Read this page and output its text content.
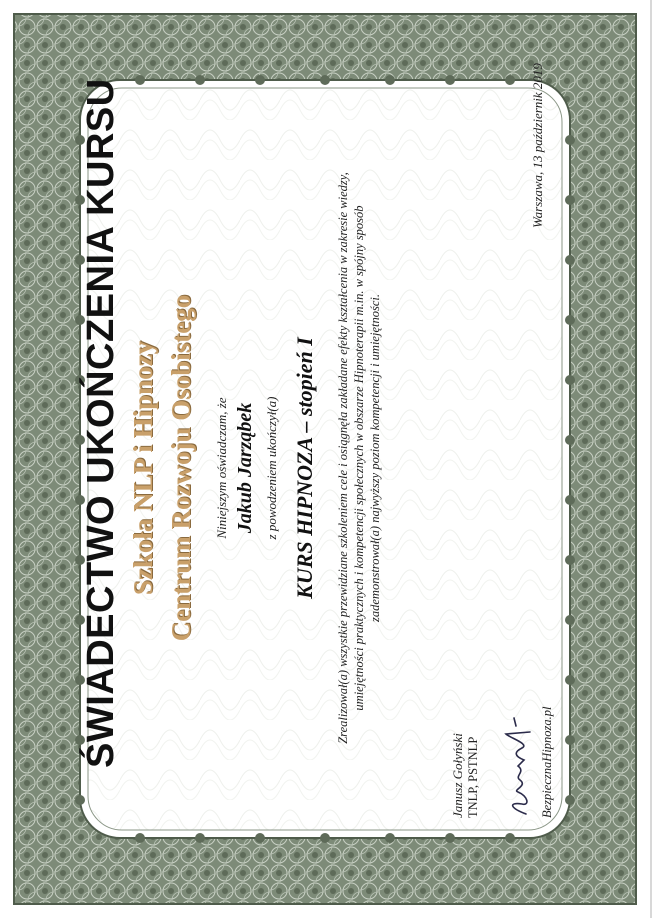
ŚWIADECTWO UKOŃCZENIA KURSU Szkoła NLP i Hipnozy Centrum Rozwoju Osobistego Niniejszym oświadczam, że Jakub Jarząbek z powodzeniem ukończył(a) KURS HIPNOZA – stopień I Zrealizował(a) wszystkie przewidziane szkoleniem cele i osiągnęła zakładane efekty kształcenia w zakresie wiedzy, umiejętności praktycznych i kompetencji społecznych w obszarze Hipnoterapii m.in. w spójny sposób zademonstrował(a) najwyższy poziom kompetencji i umiejętności.
Warszawa, 13 październik 2019
Janusz Gołyński TNLP, PSTNLP	BezpiecznaHipnoza.pl
